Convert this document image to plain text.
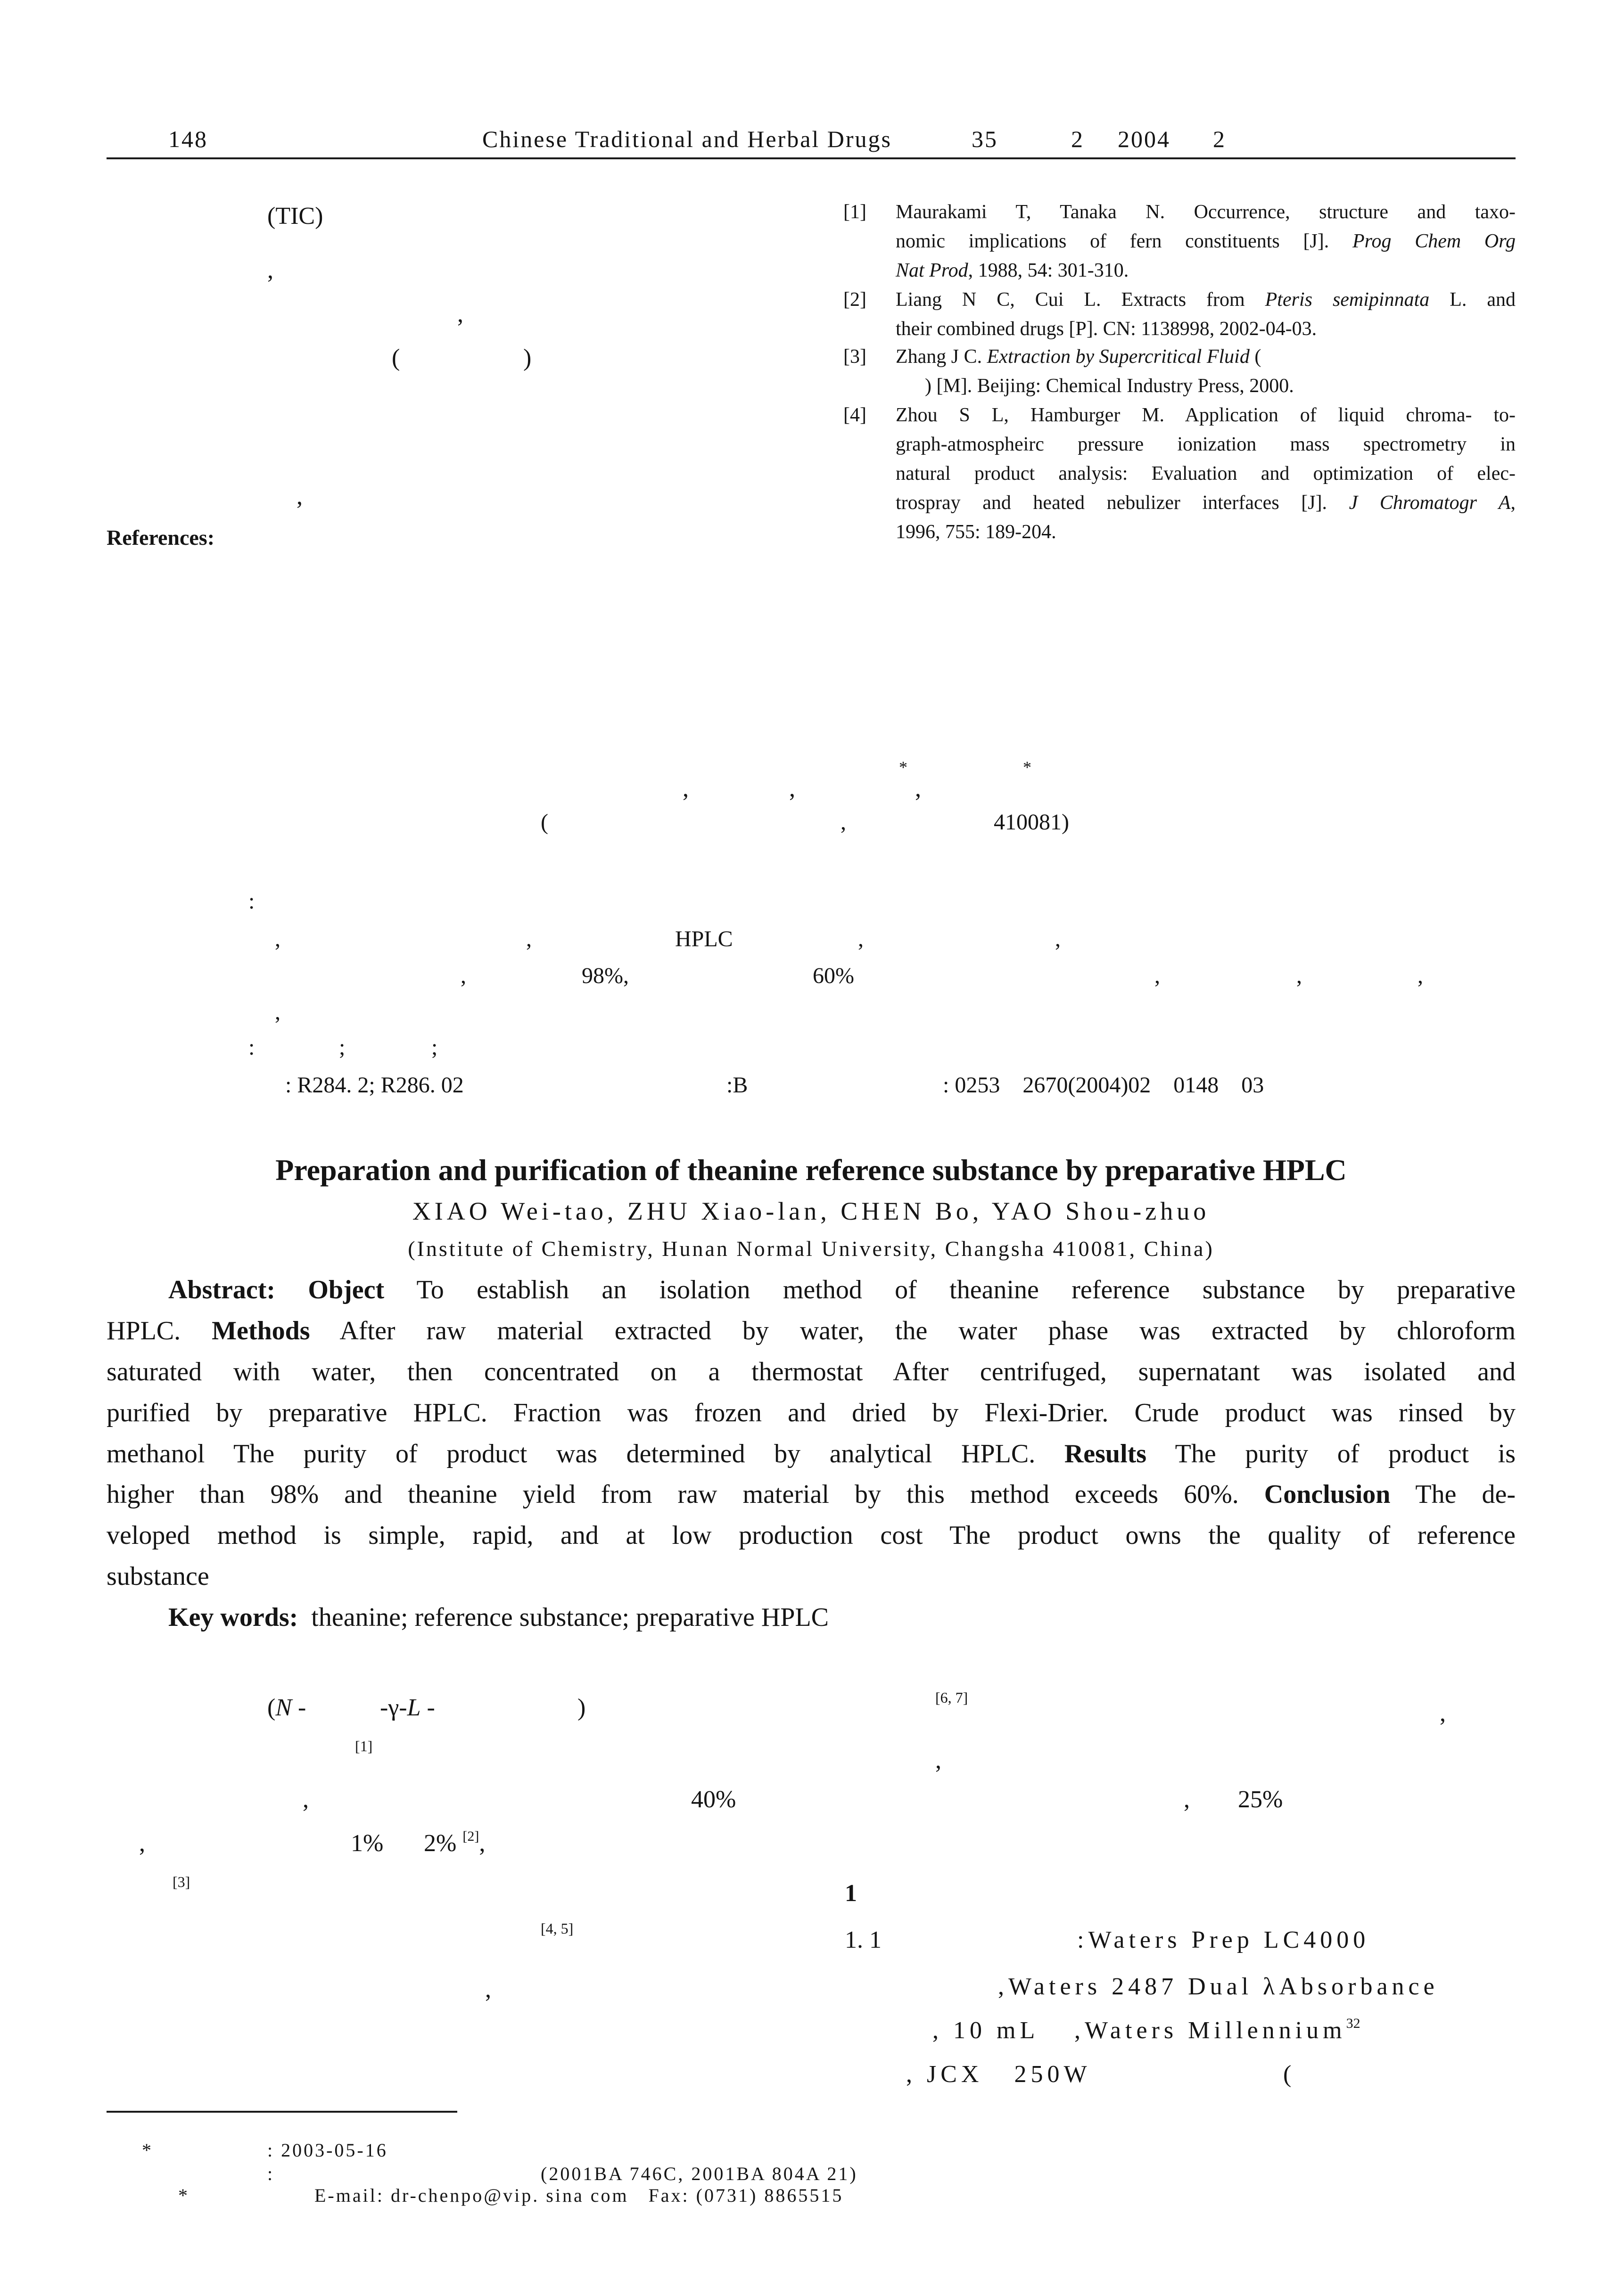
148	Chinese Traditional and Herbal Drugs	35	2 2004 2
(TIC)
,
,
(	)
,
References:
[1] Maurakami T, Tanaka N. Occurrence, structure and taxo-
nomic implications of fern constituents [J]. Prog Chem Org
Nat Prod, 1988, 54: 301-310.
[2] Liang N C, Cui L. Extracts from Pteris semipinnata L. and
their combined drugs [P]. CN: 1138998, 2002-04-03.
[3] Zhang J C. Extraction by Supercritical Fluid (
) [M]. Beijing: Chemical Industry Press, 2000.
[4] Zhou S L, Hamburger M. Application of liquid chroma- to-
graph-atmospheirc pressure ionization mass spectrometry in
natural product analysis: Evaluation and optimization of elec-
trospray and heated nebulizer interfaces [J]. J Chromatogr A,
1996, 755: 189-204.
*	*
,	,	,
(	,	410081)
:
,	,	HPLC	,	,
,	98%,	60%	,	,	,
,
:	;	;
: R284. 2; R286. 02	:B	: 0253    2670(2004)02    0148    03
Preparation and purification of theanine reference substance by preparative HPLC
XIAO Wei-tao, ZHU Xiao-lan, CHEN Bo, YAO Shou-zhuo
(Institute of Chemistry, Hunan Normal University, Changsha 410081, China)
Abstract: Object To establish an isolation method of theanine reference substance by preparative
HPLC. Methods After raw material extracted by water, the water phase was extracted by chloroform
saturated with water, then concentrated on a thermostat After centrifuged, supernatant was isolated and
purified by preparative HPLC. Fraction was frozen and dried by Flexi-Drier. Crude product was rinsed by
methanol The purity of product was determined by analytical HPLC. Results The purity of product is
higher than 98% and theanine yield from raw material by this method exceeds 60%. Conclusion The de-
veloped method is simple, rapid, and at low production cost The product owns the quality of reference
substance
Key words: theanine; reference substance; preparative HPLC
(N -	-γ-L -	)
[1]
,	40%
,	1% 2% [2],
[3]
[4, 5]
,
[6, 7]
,
,
, 25%
1
1. 1	:Waters Prep LC4000
,Waters 2487 Dual λAbsorbance
, 10 mL ,Waters Millennium$^{32}$
, JCX   250W	(
*	: 2003-05-16
:	(2001BA 746C, 2001BA 804A 21)
*	E-mail: dr-chenpo@vip. sina com   Fax: (0731) 8865515
